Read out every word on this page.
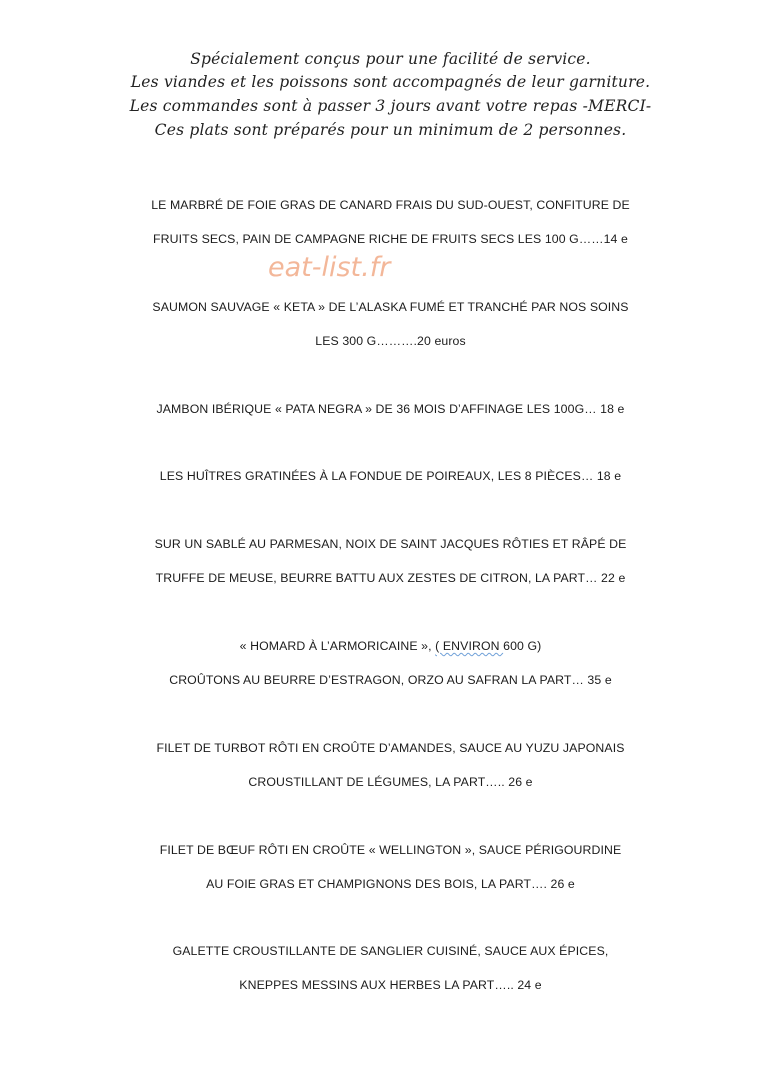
Spécialement conçus pour une facilité de service.
Les viandes et les poissons sont accompagnés de leur garniture.
Les commandes sont à passer 3 jours avant votre repas -MERCI-
Ces plats sont préparés pour un minimum de 2 personnes.
eat-list.fr
LE MARBRÉ DE FOIE GRAS DE CANARD FRAIS DU SUD-OUEST, CONFITURE DE
FRUITS SECS, PAIN DE CAMPAGNE RICHE DE FRUITS SECS LES 100 G……14 e
SAUMON SAUVAGE « KETA » DE L’ALASKA FUMÉ ET TRANCHÉ PAR NOS SOINS
LES 300 G……….20 euros
JAMBON IBÉRIQUE « PATA NEGRA » DE 36 MOIS D’AFFINAGE LES 100G… 18 e
LES HUÎTRES GRATINÉES À LA FONDUE DE POIREAUX, LES 8 PIÈCES… 18 e
SUR UN SABLÉ AU PARMESAN, NOIX DE SAINT JACQUES RÔTIES ET RÂPÉ DE
TRUFFE DE MEUSE, BEURRE BATTU AUX ZESTES DE CITRON, LA PART… 22 e
« HOMARD À L’ARMORICAINE », ( ENVIRON 600 G)
CROÛTONS AU BEURRE D’ESTRAGON, ORZO AU SAFRAN LA PART… 35 e
FILET DE TURBOT RÔTI EN CROÛTE D’AMANDES, SAUCE AU YUZU JAPONAIS
CROUSTILLANT DE LÉGUMES, LA PART….. 26 e
FILET DE BŒUF RÔTI EN CROÛTE « WELLINGTON », SAUCE PÉRIGOURDINE
AU FOIE GRAS ET CHAMPIGNONS DES BOIS, LA PART…. 26 e
GALETTE CROUSTILLANTE DE SANGLIER CUISINÉ, SAUCE AUX ÉPICES,
KNEPPES MESSINS AUX HERBES LA PART….. 24 e
